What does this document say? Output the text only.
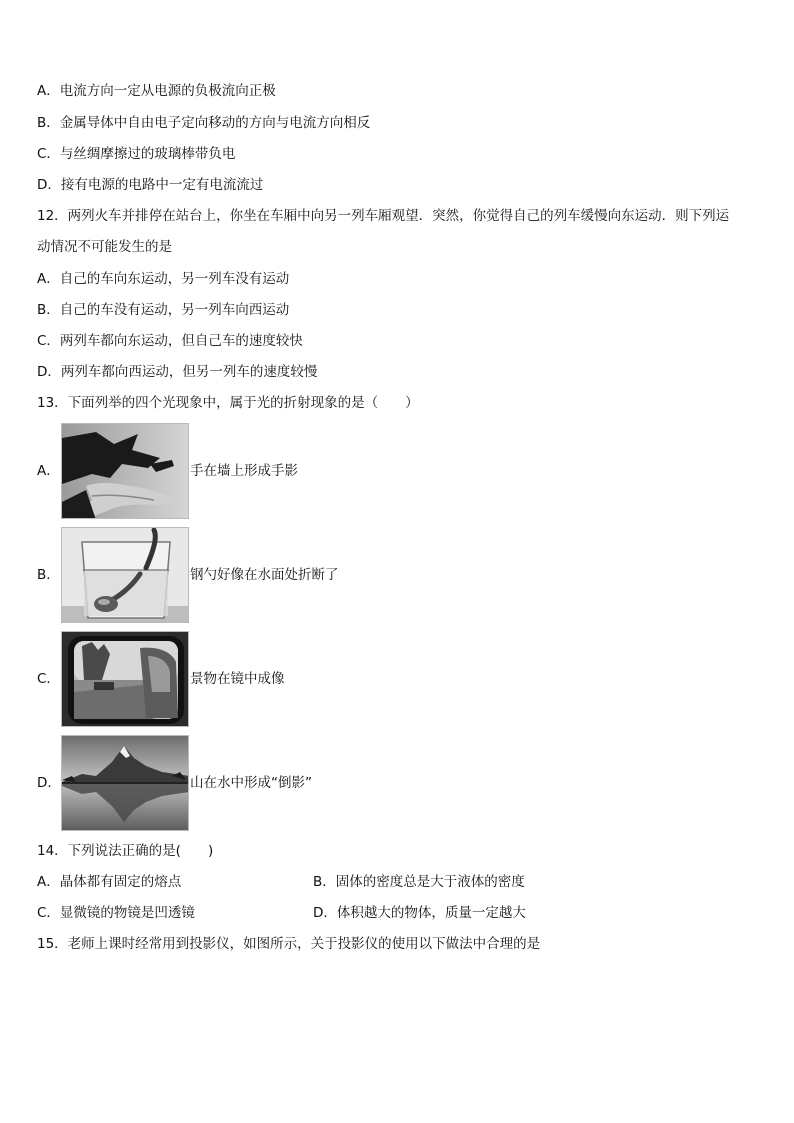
A．电流方向一定从电源的负极流向正极
B．金属导体中自由电子定向移动的方向与电流方向相反
C．与丝绸摩擦过的玻璃棒带负电
D．接有电源的电路中一定有电流流过
12．两列火车并排停在站台上，你坐在车厢中向另一列车厢观望．突然，你觉得自己的列车缓慢向东运动．则下列运
动情况不可能发生的是
A．自己的车向东运动，另一列车没有运动
B．自己的车没有运动，另一列车向西运动
C．两列车都向东运动，但自己车的速度较快
D．两列车都向西运动，但另一列车的速度较慢
13．下面列举的四个光现象中，属于光的折射现象的是（　　）
A．	手在墙上形成手影
B．	钢勺好像在水面处折断了
C．	景物在镜中成像
D．	山在水中形成“倒影”
14．下列说法正确的是(　　)
A．晶体都有固定的熔点	B．固体的密度总是大于液体的密度
C．显微镜的物镜是凹透镜	D．体积越大的物体，质量一定越大
15．老师上课时经常用到投影仪，如图所示，关于投影仪的使用以下做法中合理的是
